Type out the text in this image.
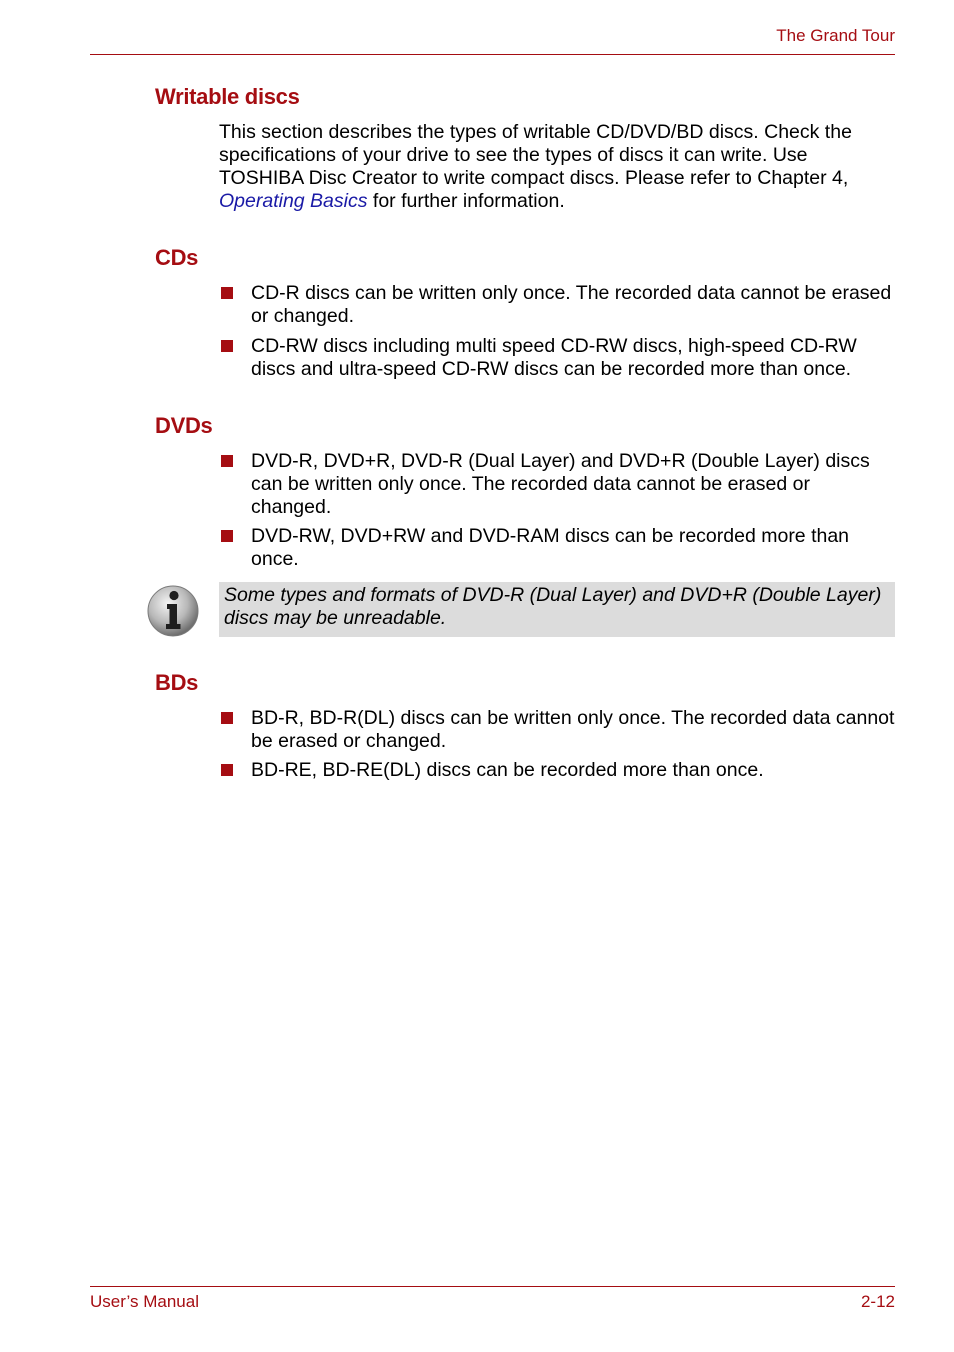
The Grand Tour
Writable discs

This section describes the types of writable CD/DVD/BD discs. Check the specifications of your drive to see the types of discs it can write. Use TOSHIBA Disc Creator to write compact discs. Please refer to Chapter 4, Operating Basics for further information.

CDs
CD-R discs can be written only once. The recorded data cannot be erased or changed.
CD-RW discs including multi speed CD-RW discs, high-speed CD-RW discs and ultra-speed CD-RW discs can be recorded more than once.
DVDs
DVD-R, DVD+R, DVD-R (Dual Layer) and DVD+R (Double Layer) discs can be written only once. The recorded data cannot be erased or changed.
DVD-RW, DVD+RW and DVD-RAM discs can be recorded more than once.
Some types and formats of DVD-R (Dual Layer) and DVD+R (Double Layer) discs may be unreadable.
BDs
BD-R, BD-R(DL) discs can be written only once. The recorded data cannot be erased or changed.
BD-RE, BD-RE(DL) discs can be recorded more than once.
User’s Manual	2-12
